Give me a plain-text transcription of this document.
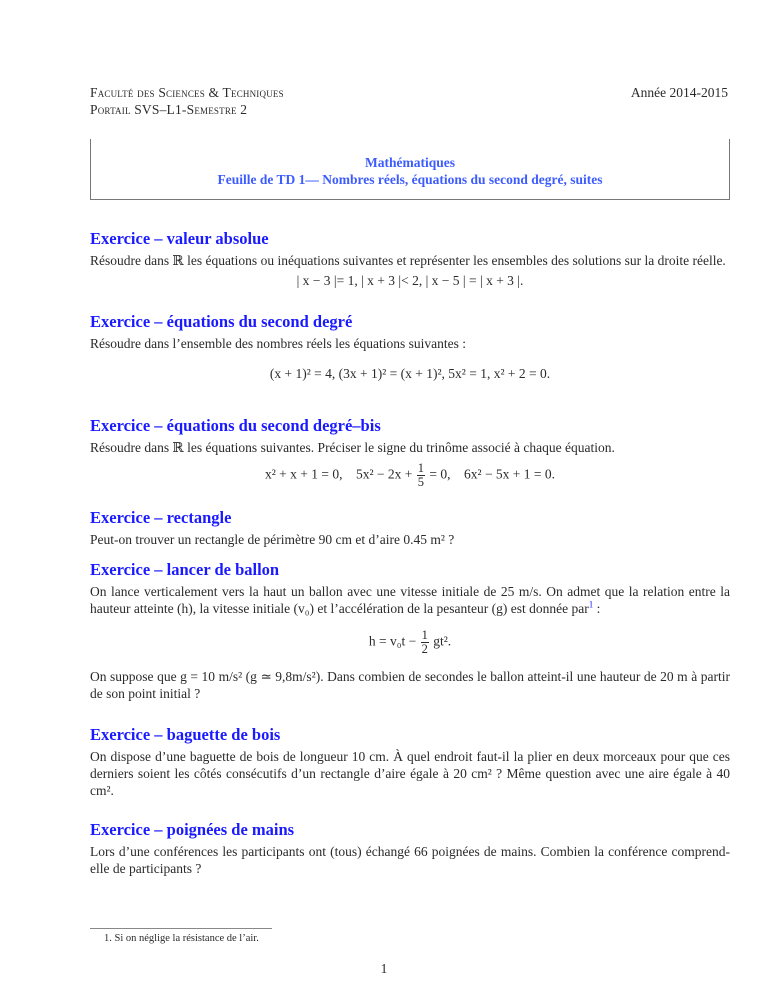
Faculté des Sciences & Techniques
Portail SVS–L1-Semestre 2
Année 2014-2015
Mathématiques
Feuille de TD 1— Nombres réels, équations du second degré, suites
Exercice – valeur absolue

Résoudre dans ℝ les équations ou inéquations suivantes et représenter les ensembles des solutions sur la droite réelle.

| x − 3 |= 1, | x + 3 |< 2, | x − 5 | = | x + 3 |.
Exercice – équations du second degré

Résoudre dans l’ensemble des nombres réels les équations suivantes :

(x + 1)² = 4, (3x + 1)² = (x + 1)², 5x² = 1, x² + 2 = 0.
Exercice – équations du second degré–bis

Résoudre dans ℝ les équations suivantes. Préciser le signe du trinôme associé à chaque équation.

x² + x + 1 = 0, $5x^2 - 2x + \frac{1}{5} = 0$, 6x² − 5x + 1 = 0.
Exercice – rectangle

Peut-on trouver un rectangle de périmètre 90 cm et d’aire 0.45 m² ?

Exercice – lancer de ballon

On lance verticalement vers la haut un ballon avec une vitesse initiale de 25 m/s. On admet que la relation entre la hauteur atteinte (h), la vitesse initiale (v₀) et l’accélération de la pesanteur (g) est donnée par$^1$ :

$h = v_0t - \frac{1}{2} gt^2$.

On suppose que g = 10 m/s² (g ≃ 9,8m/s²). Dans combien de secondes le ballon atteint-il une hauteur de 20 m à partir de son point initial ?

Exercice – baguette de bois

On dispose d’une baguette de bois de longueur 10 cm. À quel endroit faut-il la plier en deux morceaux pour que ces derniers soient les côtés consécutifs d’un rectangle d’aire égale à 20 cm² ? Même question avec une aire égale à 40 cm².

Exercice – poignées de mains

Lors d’une conférences les participants ont (tous) échangé 66 poignées de mains. Combien la conférence comprend-elle de participants ?

1. Si on néglige la résistance de l’air.
1
